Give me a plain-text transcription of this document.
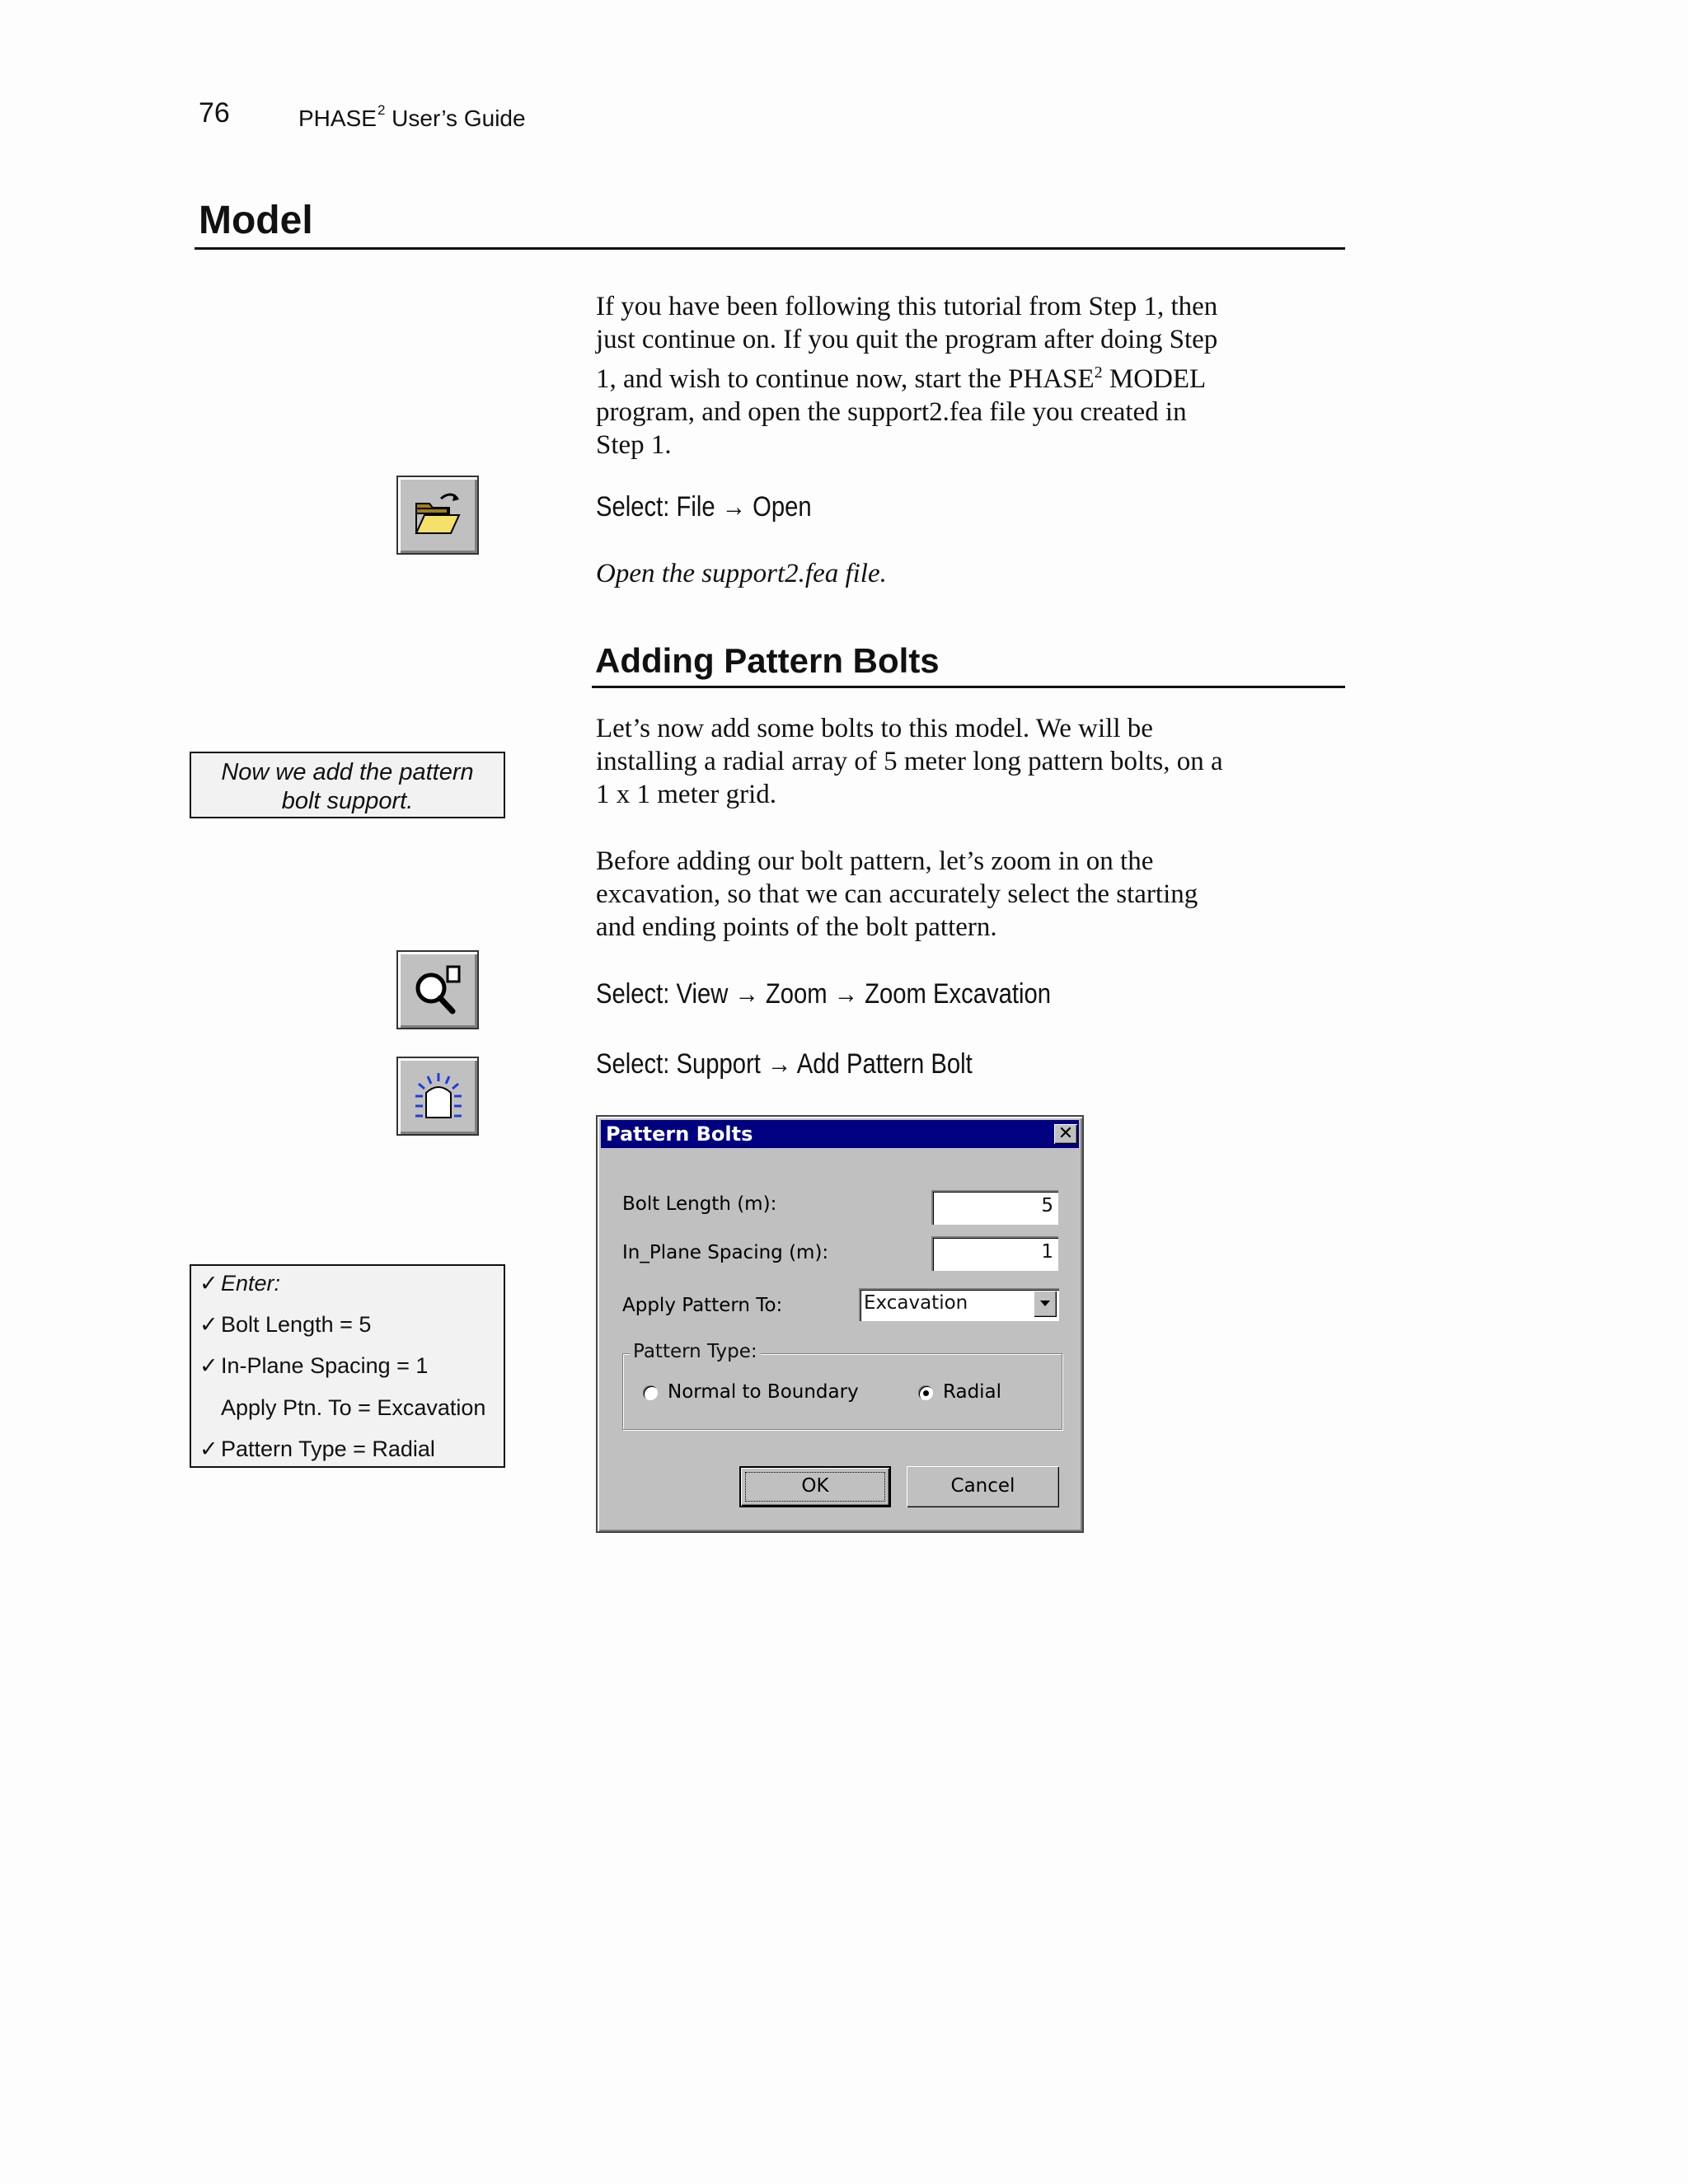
76	PHASE$^2$ User’s Guide
Model
If you have been following this tutorial from Step 1, then
just continue on. If you quit the program after doing Step
1, and wish to continue now, start the PHASE$^2$ MODEL
program, and open the support2.fea file you created in
Step 1.
Select: File → Open
Open the support2.fea file.
Adding Pattern Bolts
Let’s now add some bolts to this model. We will be
installing a radial array of 5 meter long pattern bolts, on a
1 x 1 meter grid.
Before adding our bolt pattern, let’s zoom in on the
excavation, so that we can accurately select the starting
and ending points of the bolt pattern.
Now we add the pattern
bolt support.
Select: View → Zoom → Zoom Excavation
Select: Support → Add Pattern Bolt
✓ Enter:
✓ Bolt Length = 5
✓ In-Plane Spacing = 1
Apply Ptn. To = Excavation
✓ Pattern Type = Radial
Pattern Bolts	✕
Bolt Length (m):	5
In_Plane Spacing (m):	1
Apply Pattern To:	Excavation
Pattern Type:
Normal to Boundary	Radial
OK	Cancel
